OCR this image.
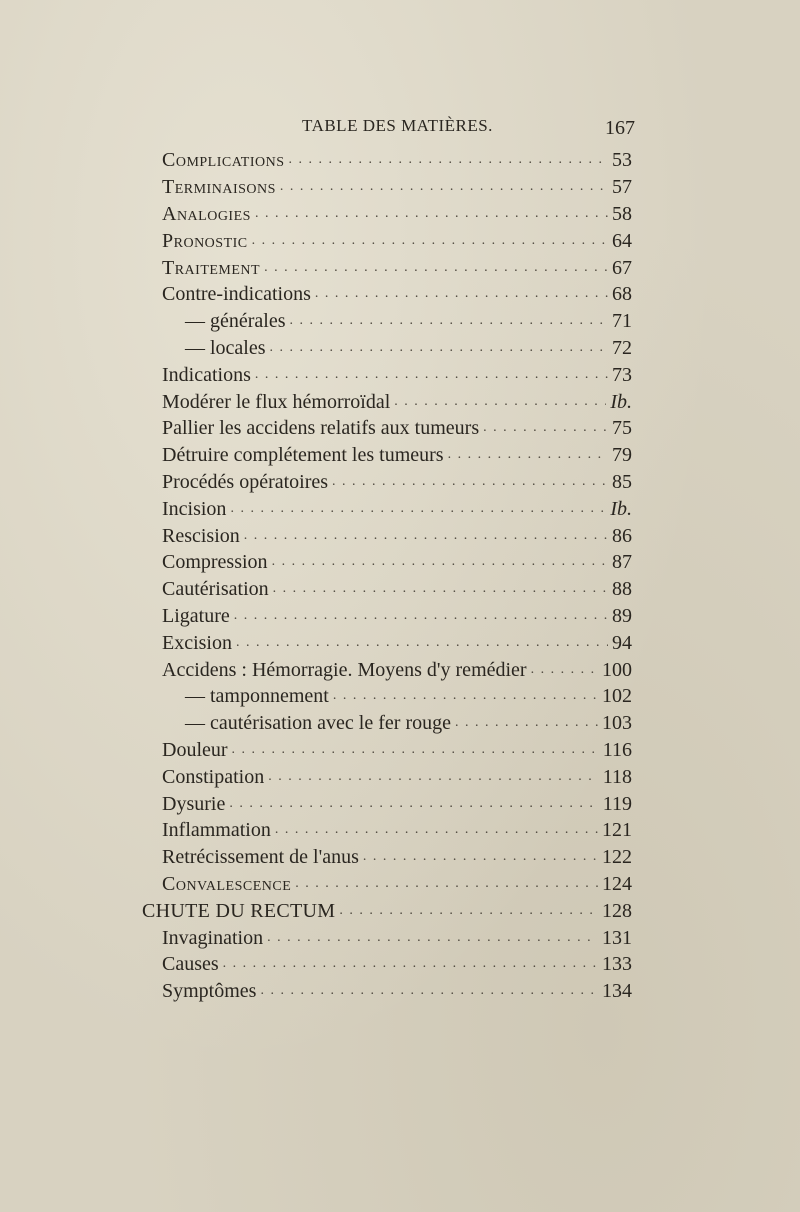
TABLE DES MATIÈRES.	167
Complications . . .	53
Terminaisons . . .	57
Analogies . . .	58
Pronostic . . .	64
Traitement . . .	67
Contre-indications . . .	68
— générales . . .	71
— locales . . .	72
Indications . . .	73
Modérer le flux hémorroïdal . . .	Ib.
Pallier les accidens relatifs aux tumeurs . . .	75
Détruire complétement les tumeurs . . .	79
Procédés opératoires . . .	85
Incision . . .	Ib.
Rescision . . .	86
Compression . . .	87
Cautérisation . . .	88
Ligature . . .	89
Excision . . .	94
Accidens : Hémorragie. Moyens d'y remédier . . .	100
— tamponnement . . .	102
— cautérisation avec le fer rouge . . .	103
Douleur . . .	116
Constipation . . .	118
Dysurie . . .	119
Inflammation . . .	121
Retrécissement de l'anus . . .	122
Convalescence . . .	124
CHUTE DU RECTUM . . .	128
Invagination . . .	131
Causes . . .	133
Symptômes . . .	134
